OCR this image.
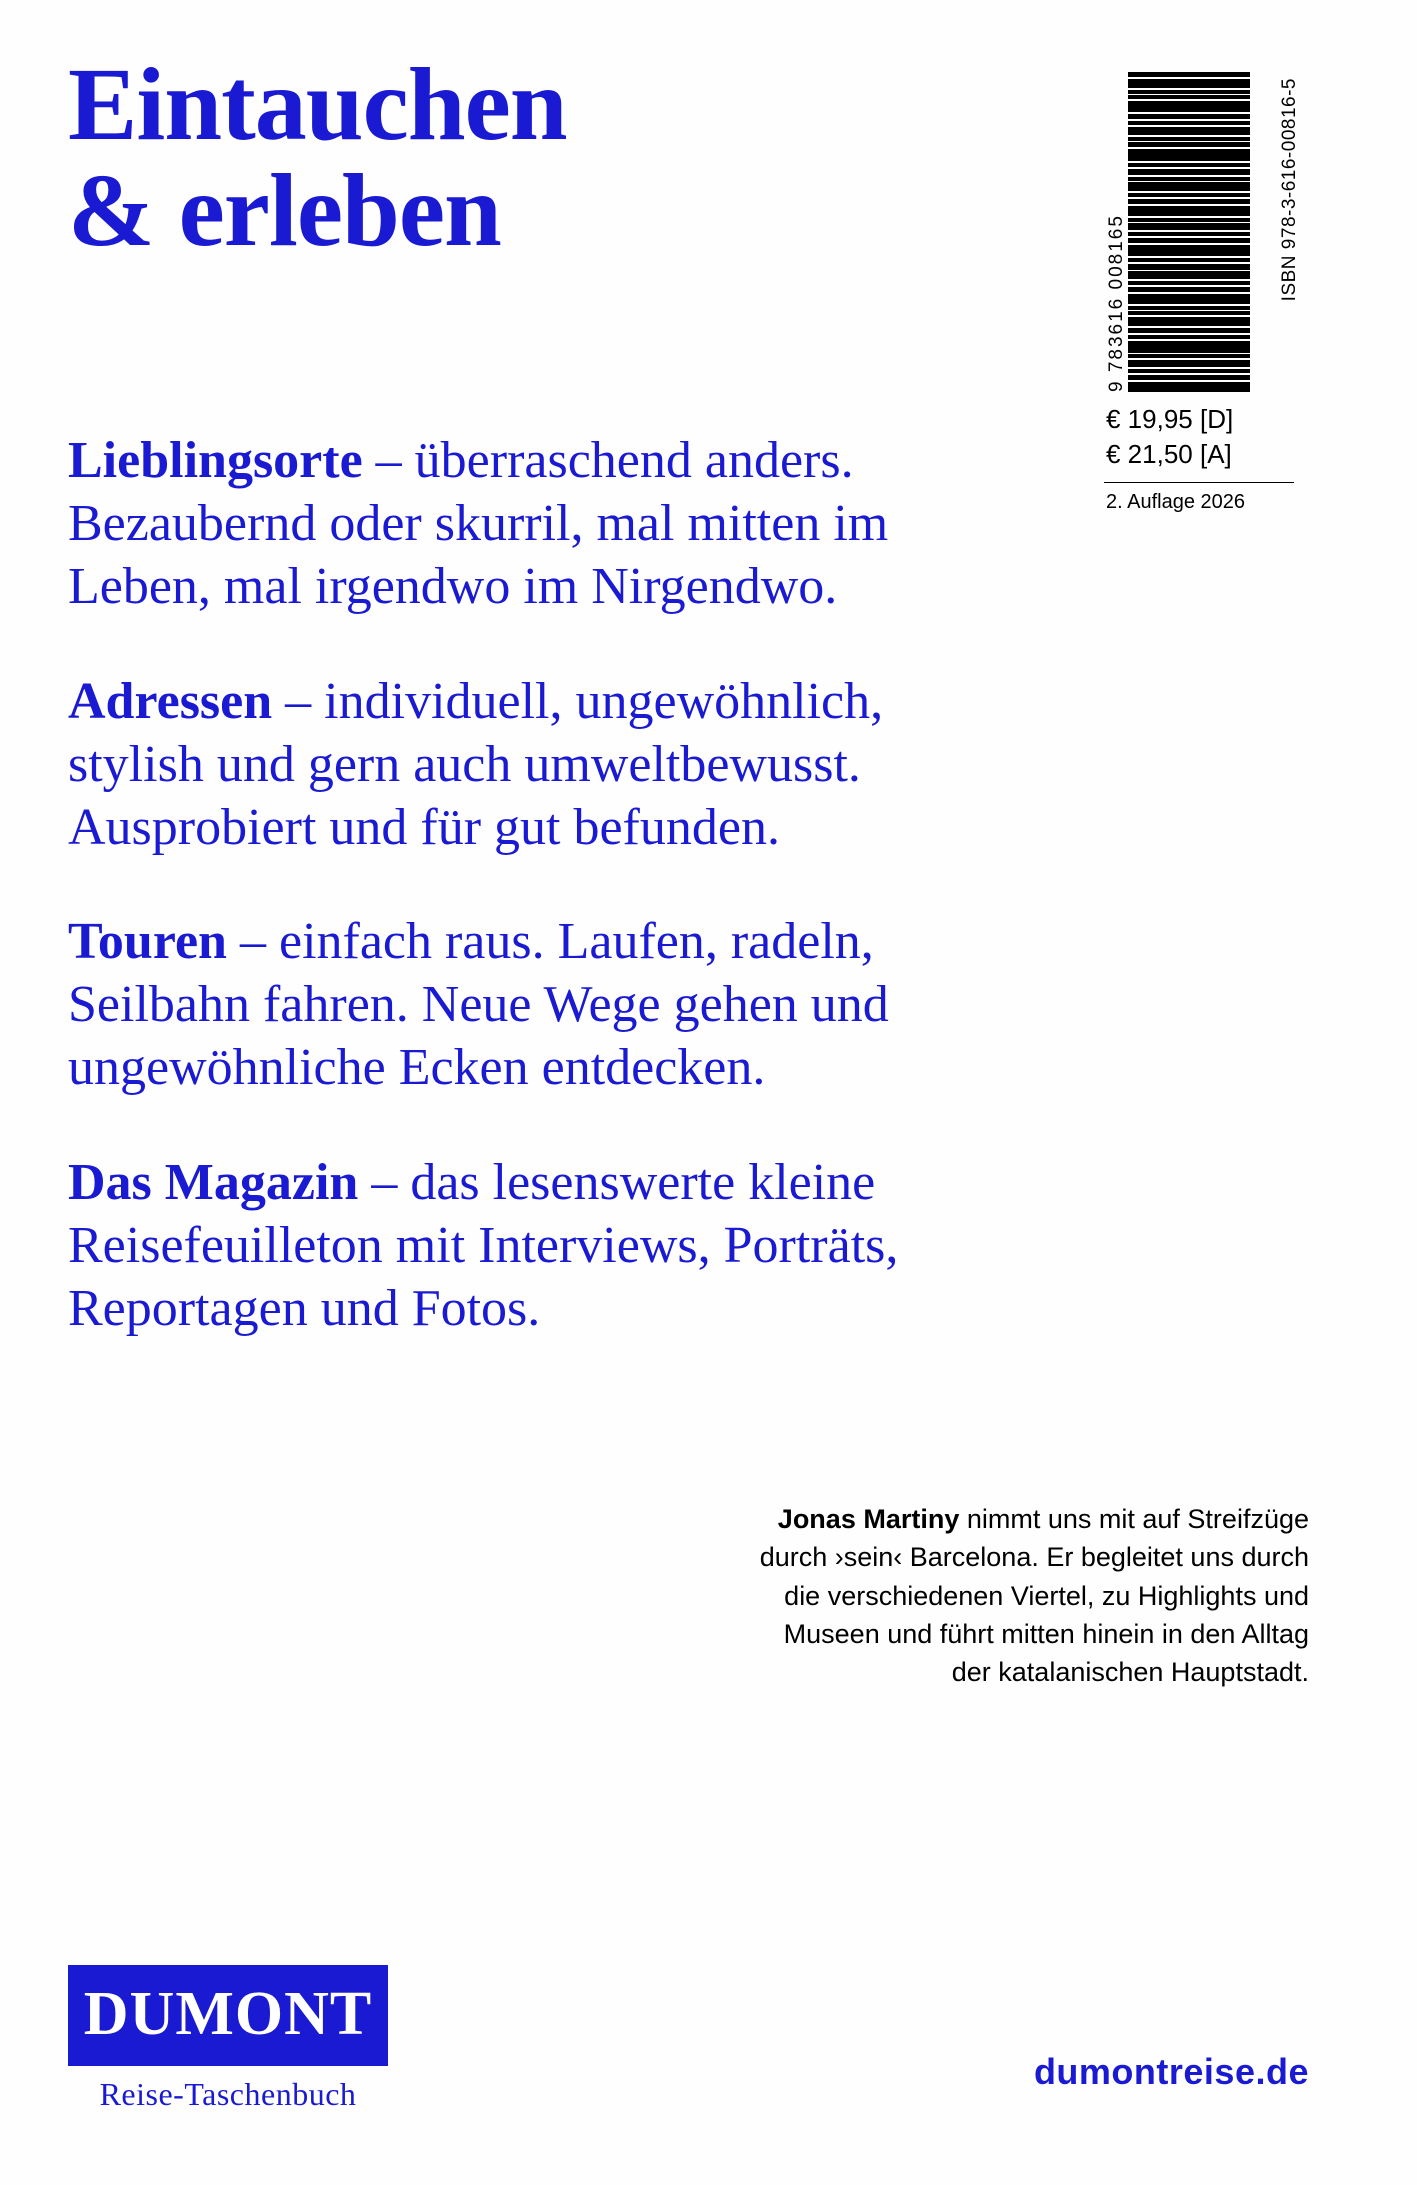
Eintauchen
& erleben

Lieblingsorte – überraschend anders. Bezaubernd oder skurril, mal mitten im Leben, mal irgendwo im Nirgendwo.

Adressen – individuell, ungewöhnlich, stylish und gern auch umweltbewusst. Ausprobiert und für gut befunden.

Touren – einfach raus. Laufen, radeln, Seilbahn fahren. Neue Wege gehen und ungewöhnliche Ecken entdecken.

Das Magazin – das lesenswerte kleine Reisefeuilleton mit Interviews, Porträts, Reportagen und Fotos.

9 783616 008165
ISBN 978-3-616-00816-5
€ 19,95 [D]
€ 21,50 [A]
2. Auflage 2026
Jonas Martiny nimmt uns mit auf Streifzüge durch ›sein‹ Barcelona. Er begleitet uns durch die verschiedenen Viertel, zu Highlights und Museen und führt mitten hinein in den Alltag der katalanischen Hauptstadt.
DUMONT
Reise-Taschenbuch
dumontreise.de
